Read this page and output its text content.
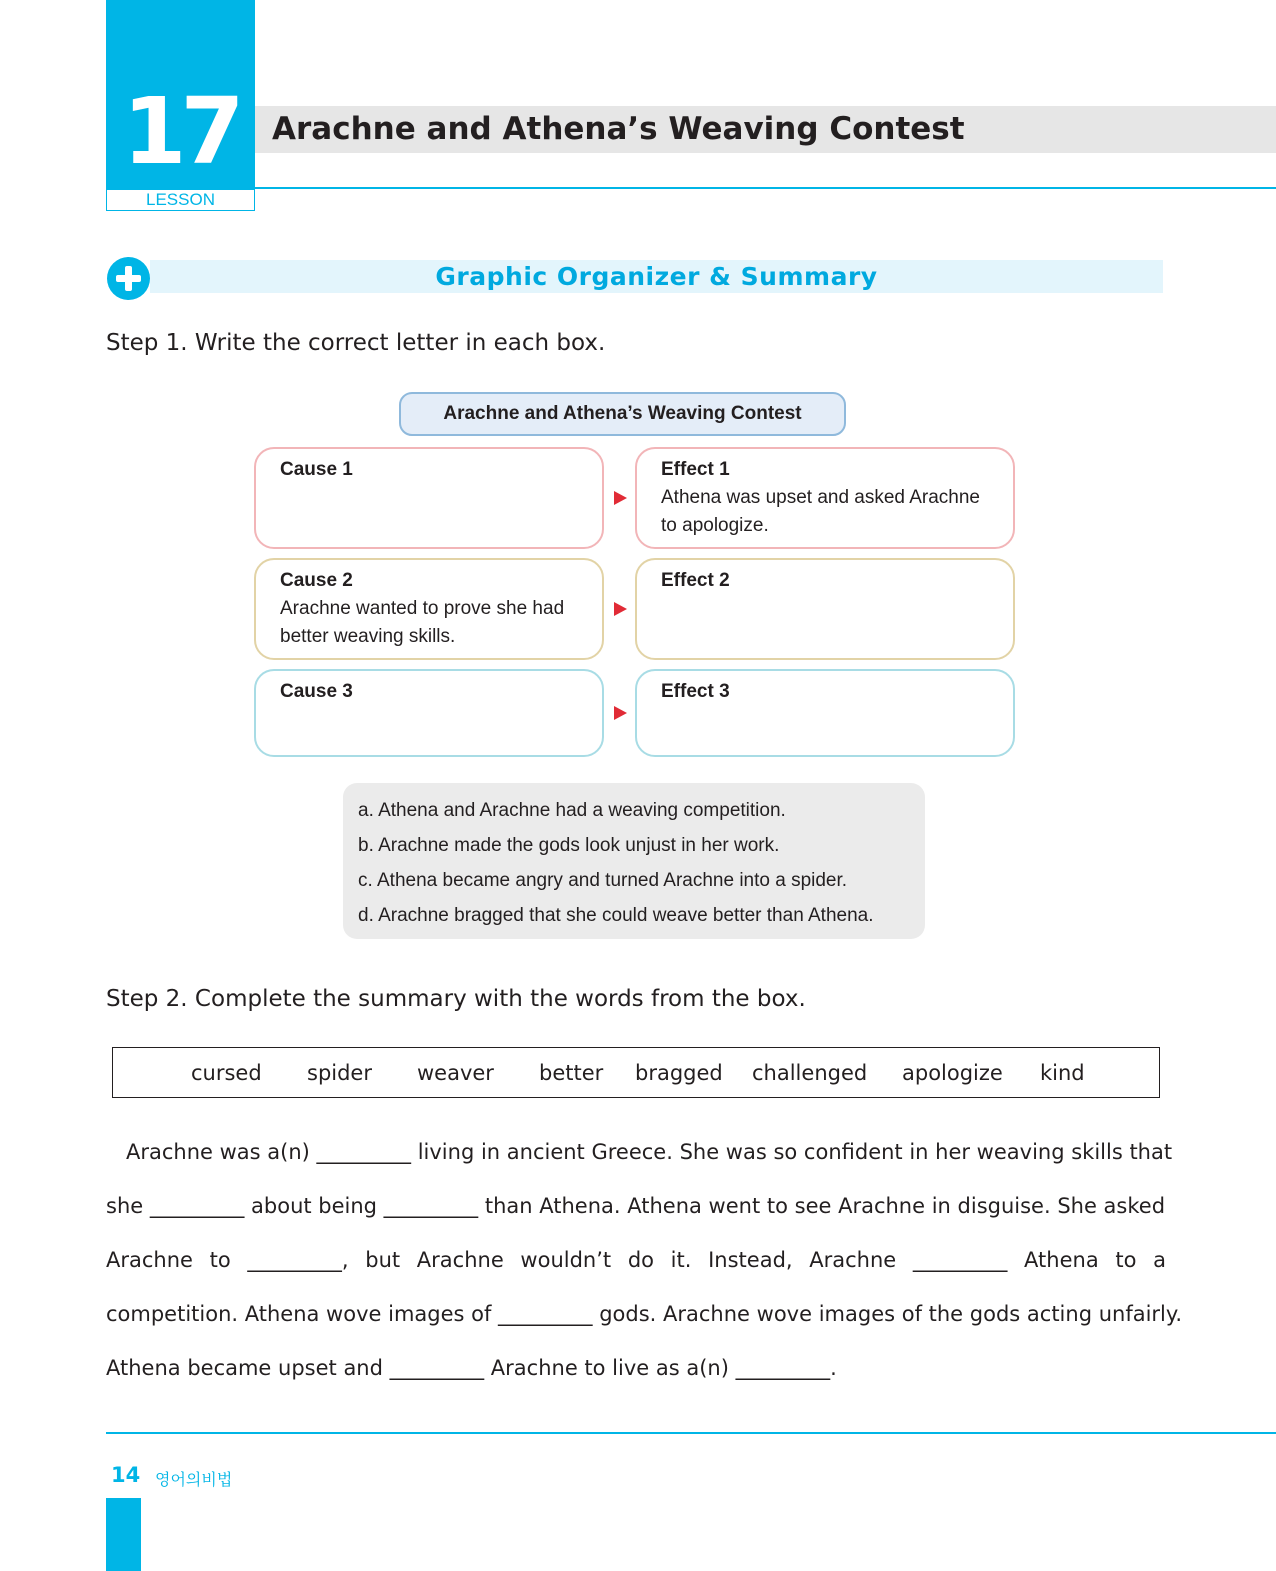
17
LESSON
Arachne and Athena’s Weaving Contest
Graphic Organizer & Summary
Step 1. Write the correct letter in each box.
Arachne and Athena’s Weaving Contest
Cause 1	Effect 1
Athena was upset and asked Arachne
to apologize.
Cause 2
Arachne wanted to prove she had
better weaving skills.
Effect 2
Cause 3	Effect 3
a. Athena and Arachne had a weaving competition.
b. Arachne made the gods look unjust in her work.
c. Athena became angry and turned Arachne into a spider.
d. Arachne bragged that she could weave better than Athena.
Step 2. Complete the summary with the words from the box.
cursed spider weaver better bragged challenged apologize kind
Arachne was a(n) _________ living in ancient Greece. She was so confident in her weaving skills that
she _________ about being _________ than Athena. Athena went to see Arachne in disguise. She asked
Arachne to _________, but Arachne wouldn’t do it. Instead, Arachne _________ Athena to a
competition. Athena wove images of _________ gods. Arachne wove images of the gods acting unfairly.
Athena became upset and _________ Arachne to live as a(n) _________.
14 영어의비법
